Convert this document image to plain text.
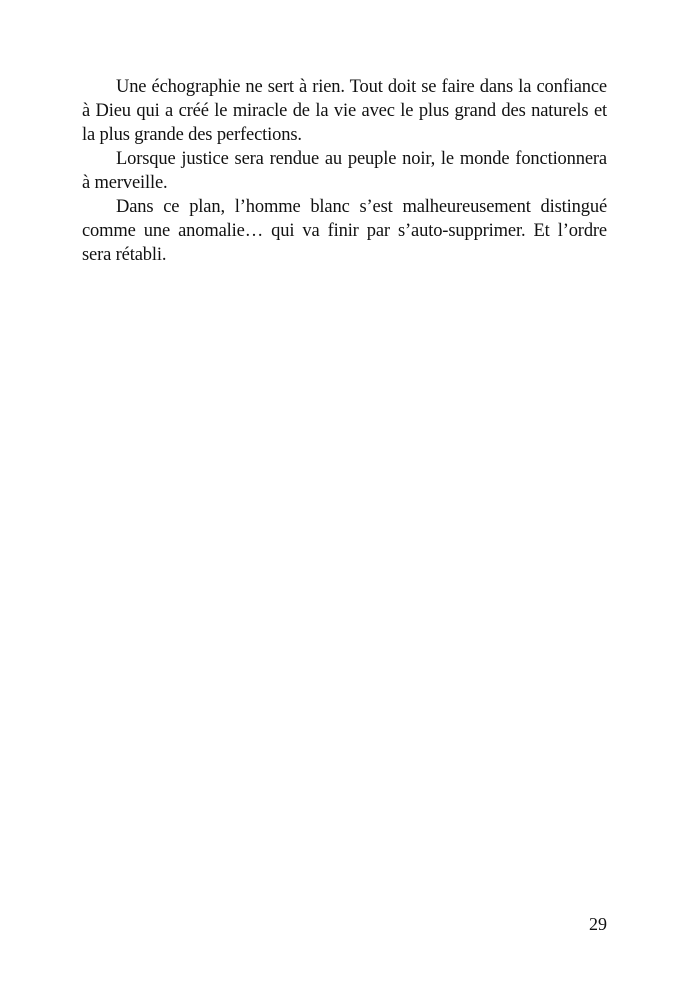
Une échographie ne sert à rien. Tout doit se faire dans la confiance à Dieu qui a créé le miracle de la vie avec le plus grand des naturels et la plus grande des perfections.

Lorsque justice sera rendue au peuple noir, le monde fonctionnera à merveille.

Dans ce plan, l’homme blanc s’est malheureusement distingué comme une anomalie… qui va finir par s’auto-supprimer. Et l’ordre sera rétabli.

29
